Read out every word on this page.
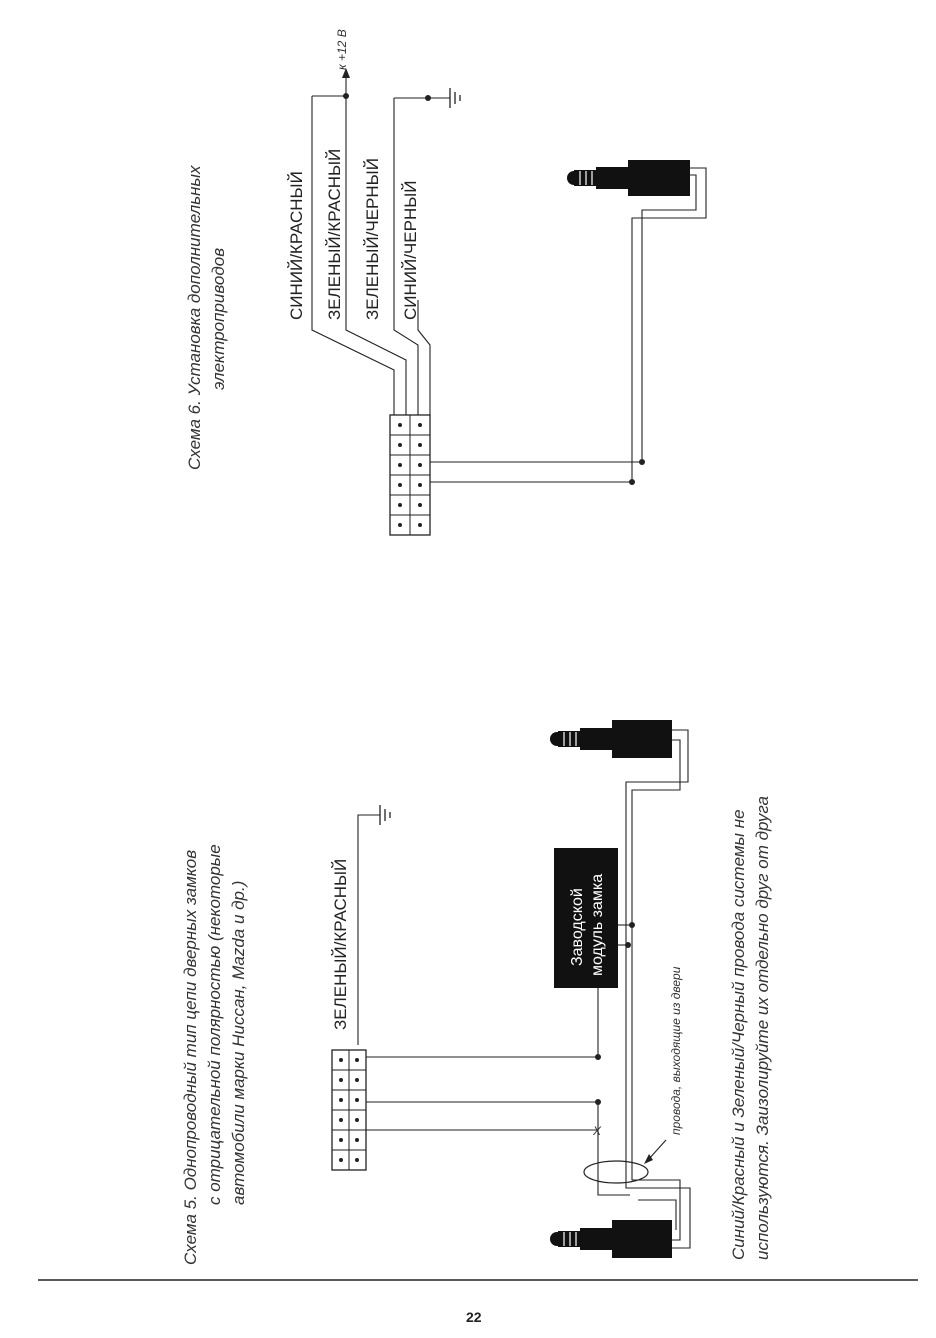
Схема 6. Установка дополнительных электроприводов	СИНИЙ/КРАСНЫЙ ЗЕЛЕНЫЙ/КРАСНЫЙ ЗЕЛЕНЫЙ/ЧЕРНЫЙ СИНИЙ/ЧЕРНЫЙ
к +12 В
Схема 5. Однопроводный тип цепи дверных замков с отрицательной полярностью (некоторые автомобили марки Ниссан, Mazda и др.)	ЗЕЛЕНЫЙ/КРАСНЫЙ
X
Заводской модуль замка
провода, выходящие из двери	Синий/Красный и Зеленый/Черный провода системы не используются. Заизолируйте их отдельно друг от друга
22
